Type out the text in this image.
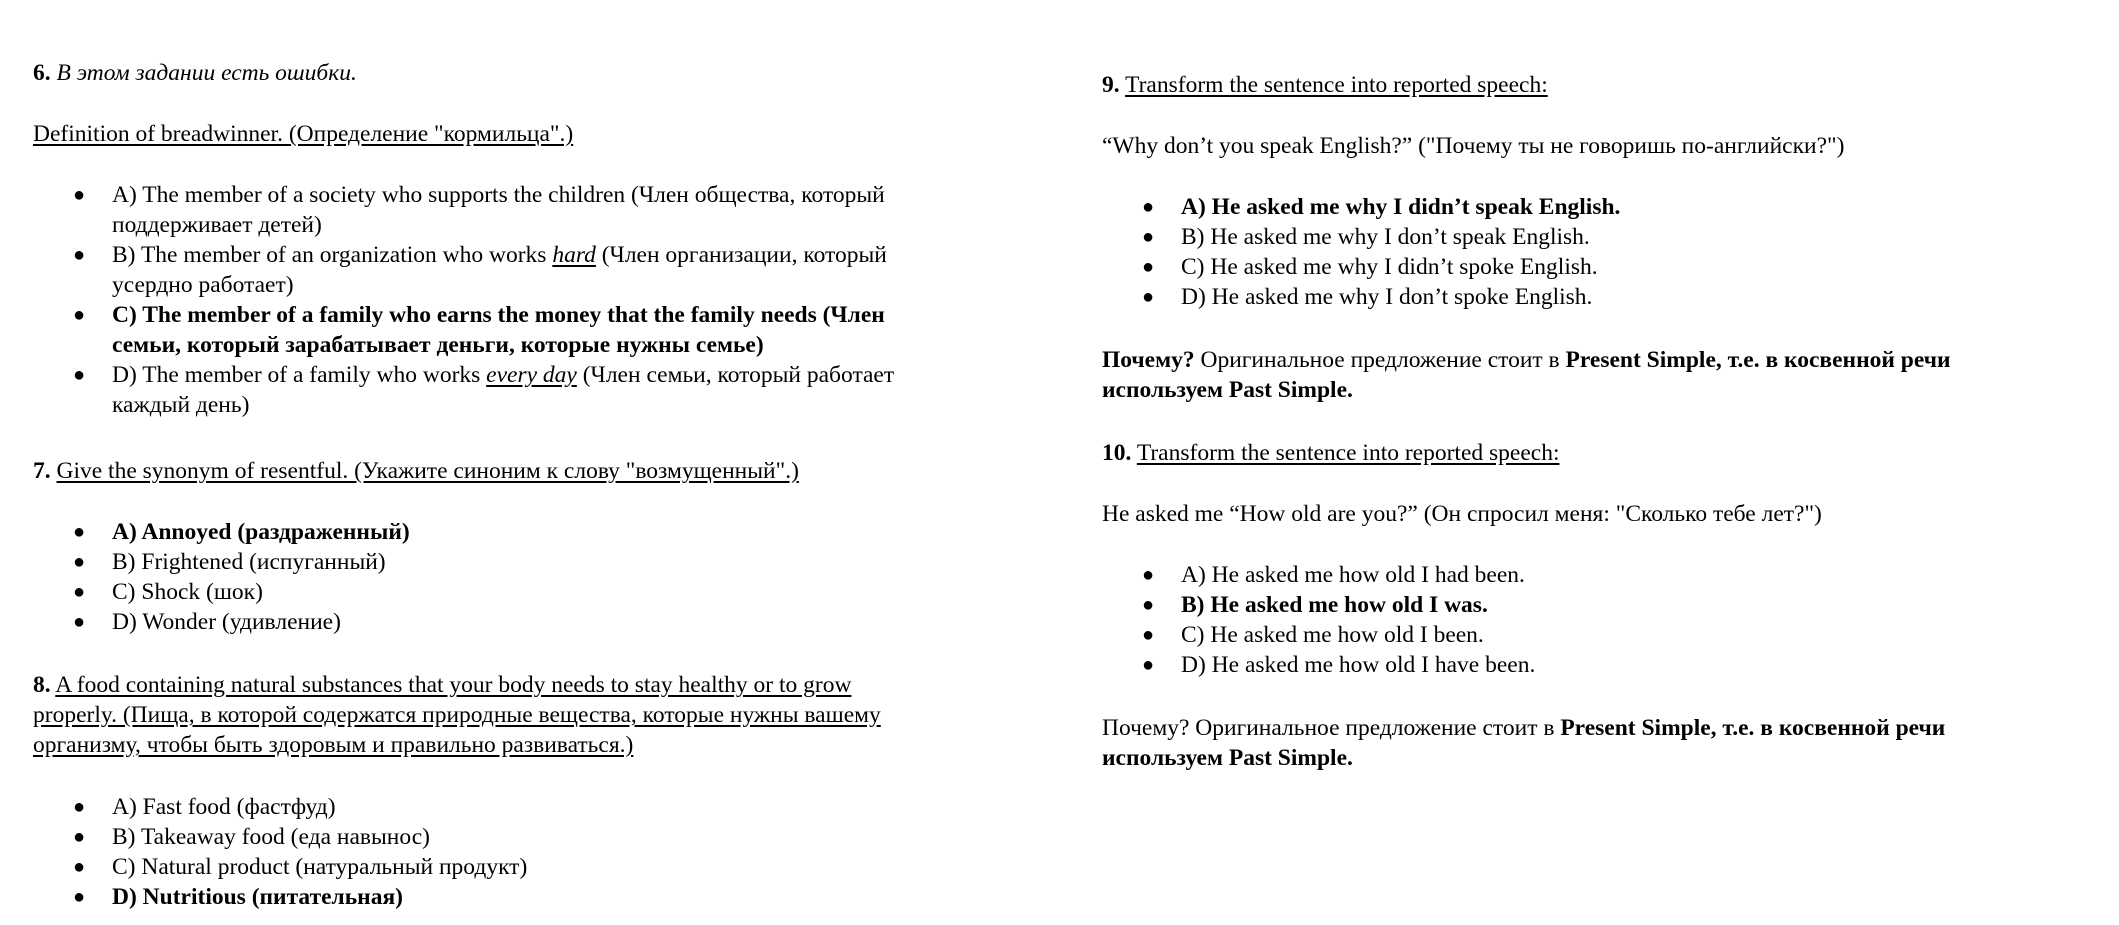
6. В этом задании есть ошибки.
Definition of breadwinner. (Определение "кормильца".)
● A) The member of a society who supports the children (Член общества, который
поддерживает детей)
● B) The member of an organization who works hard (Член организации, который
усердно работает)
● C) The member of a family who earns the money that the family needs (Член
семьи, который зарабатывает деньги, которые нужны семье)
● D) The member of a family who works every day (Член семьи, который работает
каждый день)
7. Give the synonym of resentful. (Укажите синоним к слову "возмущенный".)
● A) Annoyed (раздраженный)
● B) Frightened (испуганный)
● C) Shock (шок)
● D) Wonder (удивление)
8. A food containing natural substances that your body needs to stay healthy or to grow
properly. (Пища, в которой содержатся природные вещества, которые нужны вашему
организму, чтобы быть здоровым и правильно развиваться.)
● A) Fast food (фастфуд)
● B) Takeaway food (еда навынос)
● C) Natural product (натуральный продукт)
● D) Nutritious (питательная)
9. Transform the sentence into reported speech:
“Why don’t you speak English?” ("Почему ты не говоришь по-английски?")
● A) He asked me why I didn’t speak English.
● B) He asked me why I don’t speak English.
● C) He asked me why I didn’t spoke English.
● D) He asked me why I don’t spoke English.
Почему? Оригинальное предложение стоит в Present Simple, т.е. в косвенной речи
используем Past Simple.
10. Transform the sentence into reported speech:
He asked me “How old are you?” (Он спросил меня: "Сколько тебе лет?")
● A) He asked me how old I had been.
● B) He asked me how old I was.
● C) He asked me how old I been.
● D) He asked me how old I have been.
Почему? Оригинальное предложение стоит в Present Simple, т.е. в косвенной речи
используем Past Simple.
